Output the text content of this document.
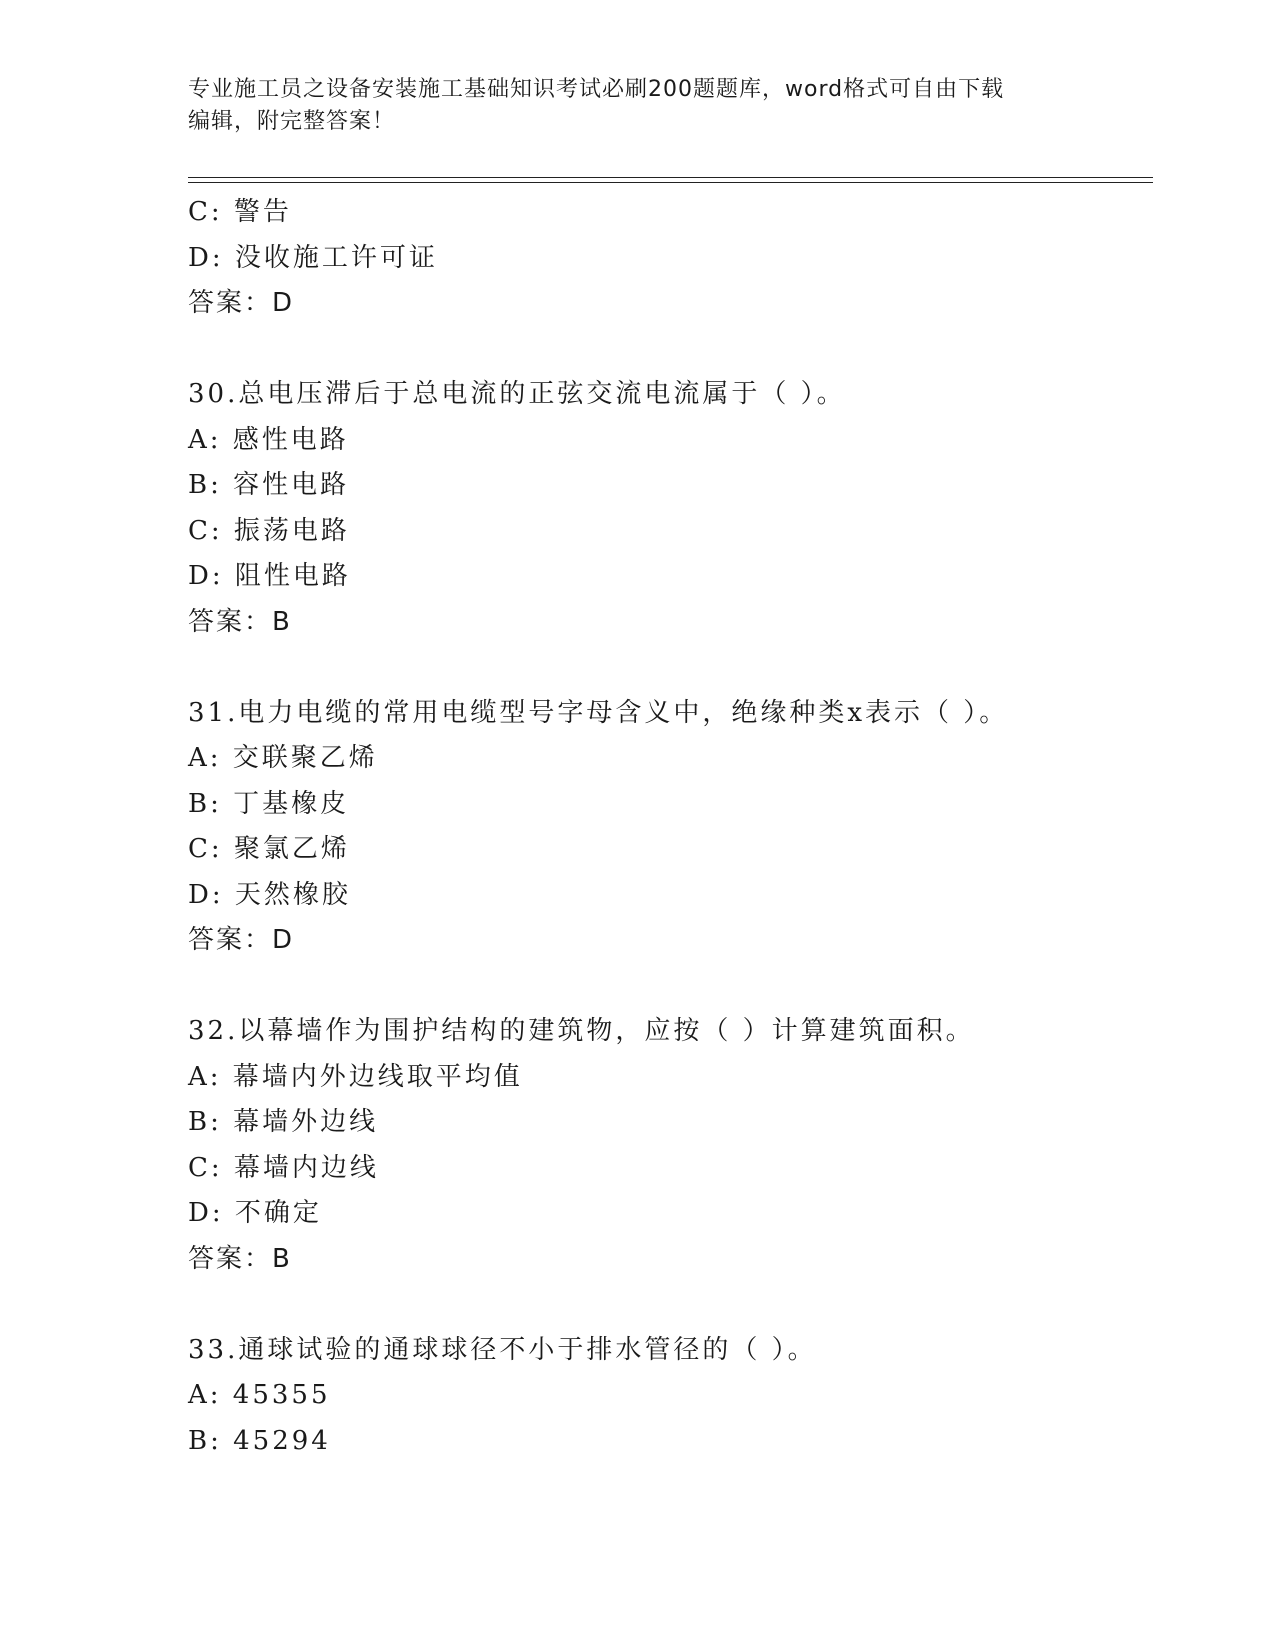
专业施工员之设备安装施工基础知识考试必刷200题题库，word格式可自由下载
编辑，附完整答案！
C: 警告
D: 没收施工许可证
答案：D
30.总电压滞后于总电流的正弦交流电流属于（ ）。
A: 感性电路
B: 容性电路
C: 振荡电路
D: 阻性电路
答案：B
31.电力电缆的常用电缆型号字母含义中，绝缘种类x表示（ ）。
A: 交联聚乙烯
B: 丁基橡皮
C: 聚氯乙烯
D: 天然橡胶
答案：D
32.以幕墙作为围护结构的建筑物，应按（ ）计算建筑面积。
A: 幕墙内外边线取平均值
B: 幕墙外边线
C: 幕墙内边线
D: 不确定
答案：B
33.通球试验的通球球径不小于排水管径的（ ）。
A: 45355
B: 45294
